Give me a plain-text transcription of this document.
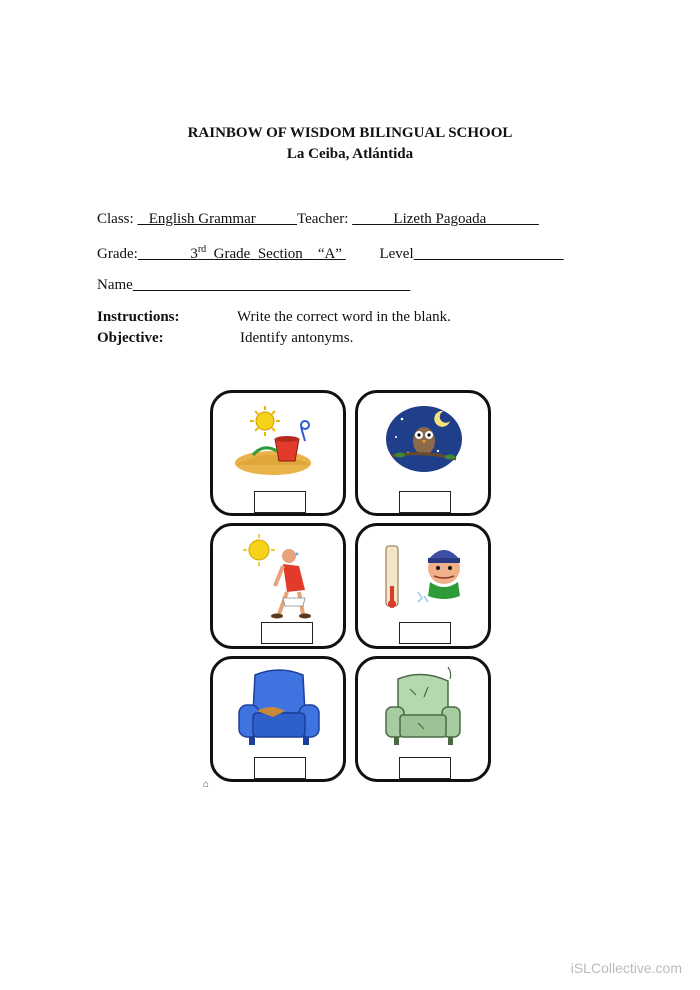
RAINBOW OF WISDOM BILINGUAL SCHOOL
La Ceiba, Atlántida
Class: English Grammar	Teacher:	Lizeth Pagoada
Grade:	3rd Grade Section “A”	Level
Name
Instructions:	Write the correct word in the blank.
Objective:	Identify antonyms.
⌂
iSLCollective.com
